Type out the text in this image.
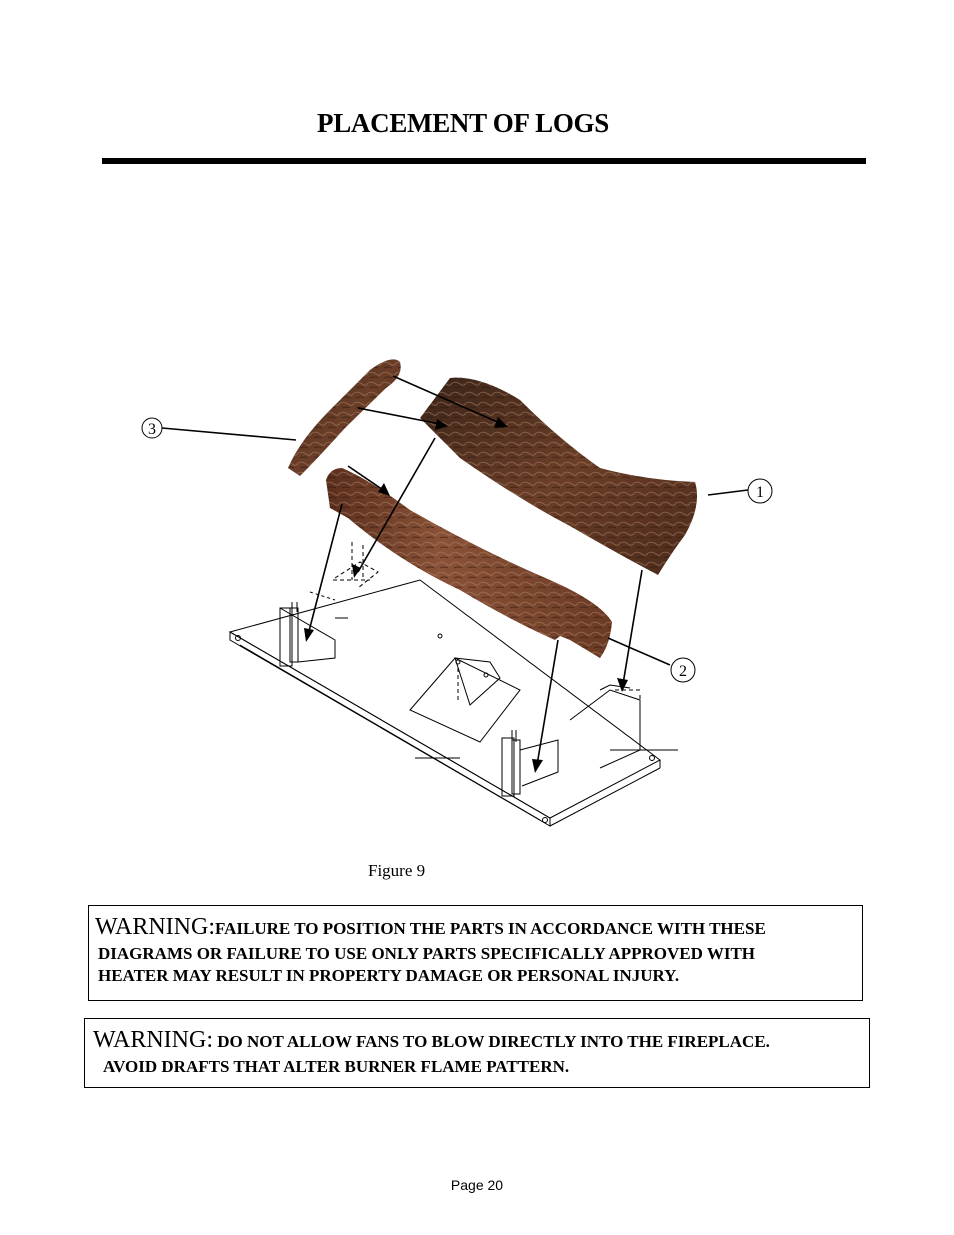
PLACEMENT OF LOGS
3
1
2
Figure 9
WARNING:FAILURE TO POSITION THE PARTS IN ACCORDANCE WITH THESE
DIAGRAMS OR FAILURE TO USE ONLY PARTS SPECIFICALLY APPROVED WITH
HEATER MAY RESULT IN PROPERTY DAMAGE OR PERSONAL INJURY.
WARNING: DO NOT ALLOW FANS TO BLOW DIRECTLY INTO THE FIREPLACE.
AVOID DRAFTS THAT ALTER BURNER FLAME PATTERN.
Page 20
